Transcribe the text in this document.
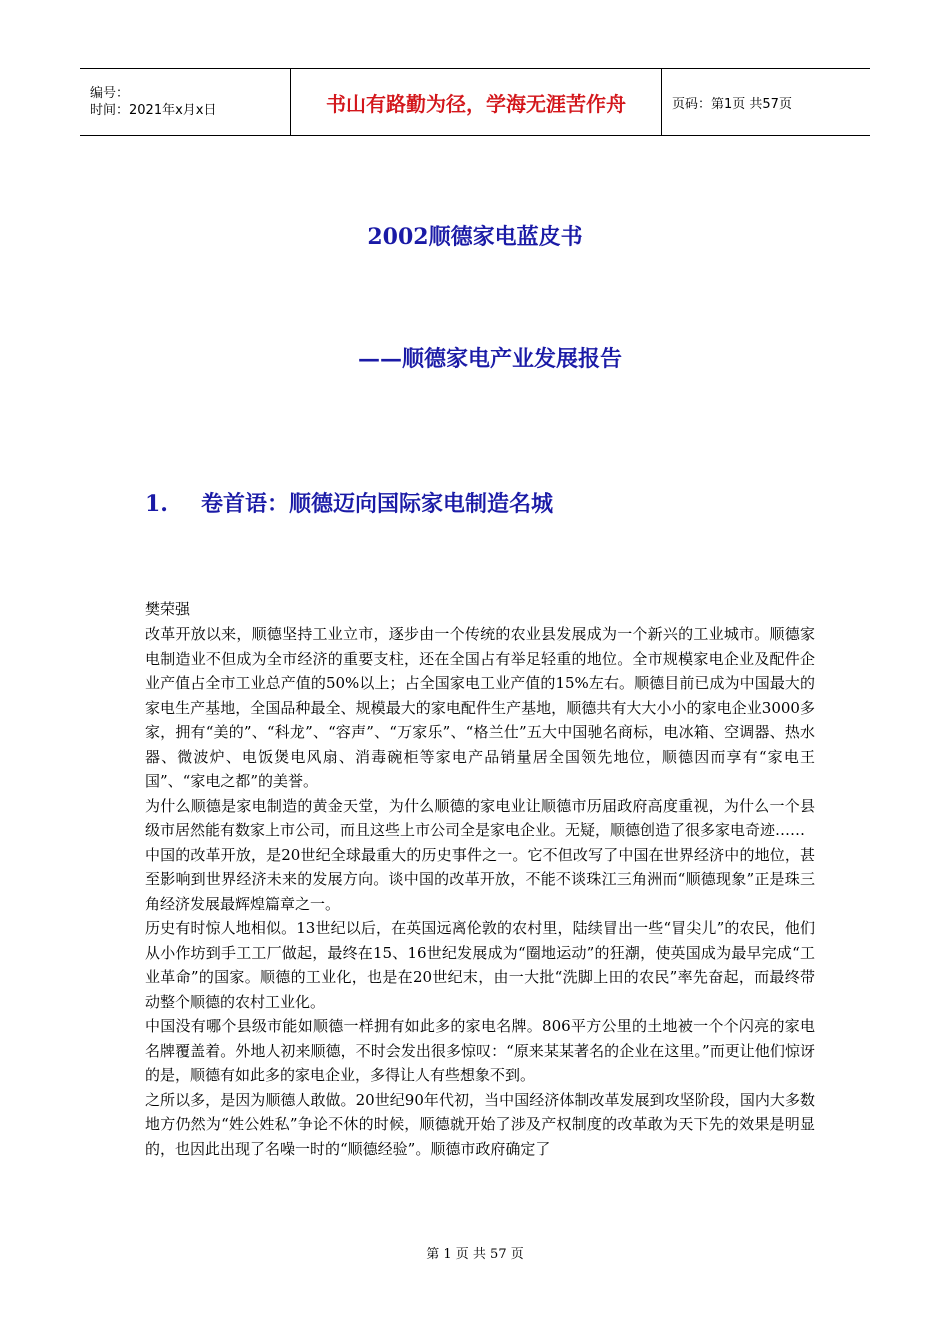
编号：
时间：2021年x月x日	书山有路勤为径，学海无涯苦作舟	页码：第1页 共57页
2002顺德家电蓝皮书
——顺德家电产业发展报告
1. 卷首语：顺德迈向国际家电制造名城
樊荣强

改革开放以来，顺德坚持工业立市，逐步由一个传统的农业县发展成为一个新兴的工业城市。顺德家电制造业不但成为全市经济的重要支柱，还在全国占有举足轻重的地位。全市规模家电企业及配件企业产值占全市工业总产值的50%以上；占全国家电工业产值的15%左右。顺德目前已成为中国最大的家电生产基地，全国品种最全、规模最大的家电配件生产基地，顺德共有大大小小的家电企业3000多家，拥有“美的”、“科龙”、“容声”、“万家乐”、“格兰仕”五大中国驰名商标，电冰箱、空调器、热水器、微波炉、电饭煲电风扇、消毒碗柜等家电产品销量居全国领先地位，顺德因而享有“家电王国”、“家电之都”的美誉。

为什么顺德是家电制造的黄金天堂，为什么顺德的家电业让顺德市历届政府高度重视，为什么一个县级市居然能有数家上市公司，而且这些上市公司全是家电企业。无疑，顺德创造了很多家电奇迹……

中国的改革开放，是20世纪全球最重大的历史事件之一。它不但改写了中国在世界经济中的地位，甚至影响到世界经济未来的发展方向。谈中国的改革开放，不能不谈珠江三角洲而“顺德现象”正是珠三角经济发展最辉煌篇章之一。

历史有时惊人地相似。13世纪以后，在英国远离伦敦的农村里，陆续冒出一些“冒尖儿”的农民，他们从小作坊到手工工厂做起，最终在15、16世纪发展成为“圈地运动”的狂潮，使英国成为最早完成“工业革命”的国家。顺德的工业化，也是在20世纪末，由一大批“洗脚上田的农民”率先奋起，而最终带动整个顺德的农村工业化。

中国没有哪个县级市能如顺德一样拥有如此多的家电名牌。806平方公里的土地被一个个闪亮的家电名牌覆盖着。外地人初来顺德，不时会发出很多惊叹：“原来某某著名的企业在这里。”而更让他们惊讶的是，顺德有如此多的家电企业，多得让人有些想象不到。

之所以多，是因为顺德人敢做。20世纪90年代初，当中国经济体制改革发展到攻坚阶段，国内大多数地方仍然为“姓公姓私”争论不休的时候，顺德就开始了涉及产权制度的改革敢为天下先的效果是明显的，也因此出现了名噪一时的“顺德经验”。顺德市政府确定了

第 1 页 共 57 页
